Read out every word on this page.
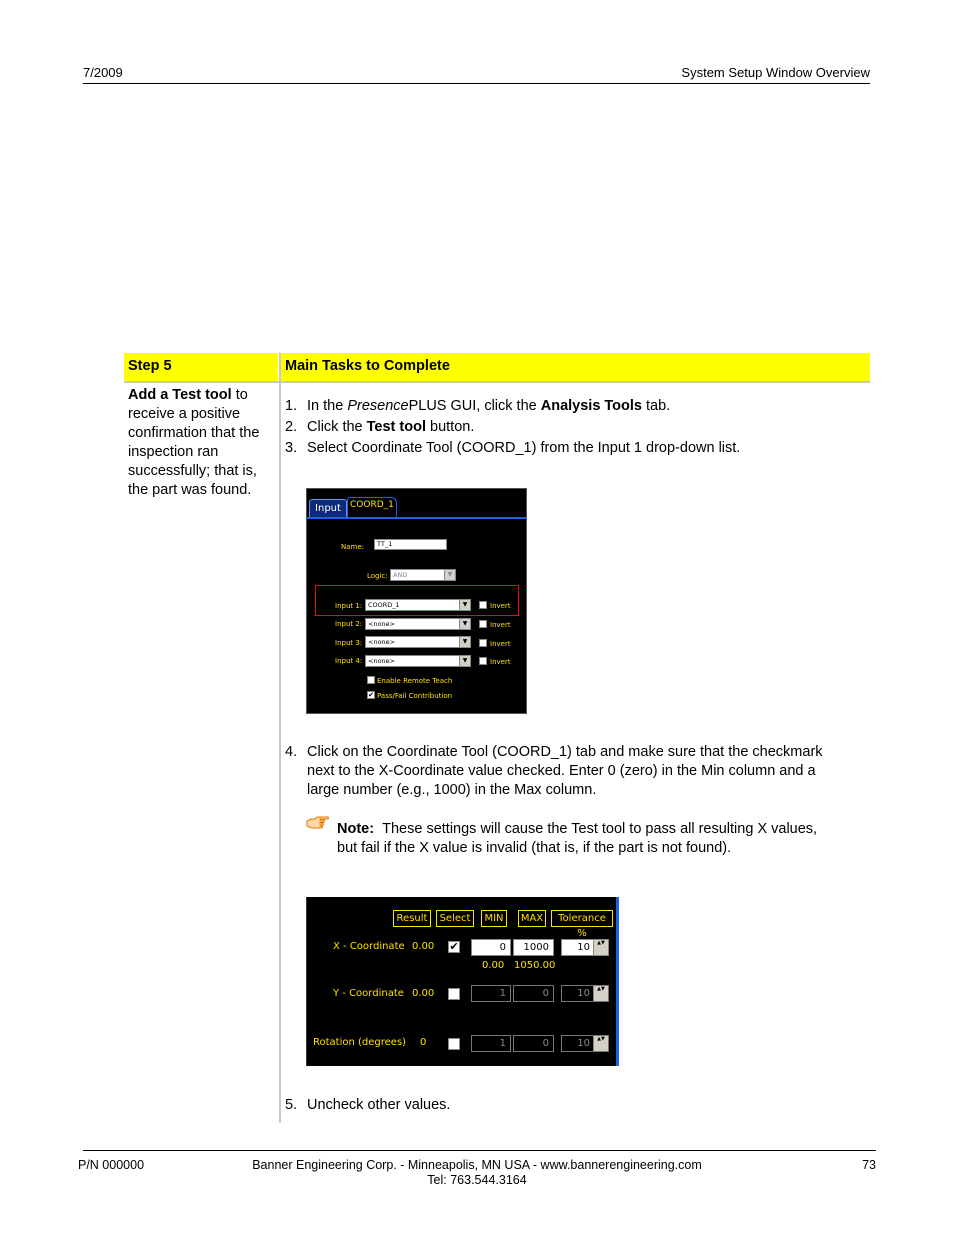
7/2009	System Setup Window Overview
Step 5	Main Tasks to Complete
Add a Test tool to
receive a positive
confirmation that the
inspection ran
successfully; that is,
the part was found.
1. In the PresencePLUS GUI, click the Analysis Tools tab.
2. Click the Test tool button.
3. Select Coordinate Tool (COORD_1) from the Input 1 drop-down list.
Input	COORD_1
Name:	TT_1
Logic: AND	▼
Input 1: COORD_1	▼	Invert
Input 2: <none>	▼	Invert
Input 3: <none>	▼	Invert
Input 4: <none>	▼	Invert
Enable Remote Teach
✔ Pass/Fail Contribution
4. Click on the Coordinate Tool (COORD_1) tab and make sure that the checkmark
next to the X-Coordinate value checked. Enter 0 (zero) in the Min column and a
large number (e.g., 1000) in the Max column.
Note: These settings will cause the Test tool to pass all resulting X values,
but fail if the X value is invalid (that is, if the part is not found).
Result	Select	MIN	MAX	Tolerance %
X - Coordinate 0.00 ✔	0	1000	10	▲▼
0.00 1050.00
Y - Coordinate 0.00	1	0	10	▲▼
Rotation (degrees) 0	1	0	10	▲▼
5. Uncheck other values.
P/N 000000	Banner Engineering Corp. - Minneapolis, MN USA - www.bannerengineering.com
Tel: 763.544.3164
73
